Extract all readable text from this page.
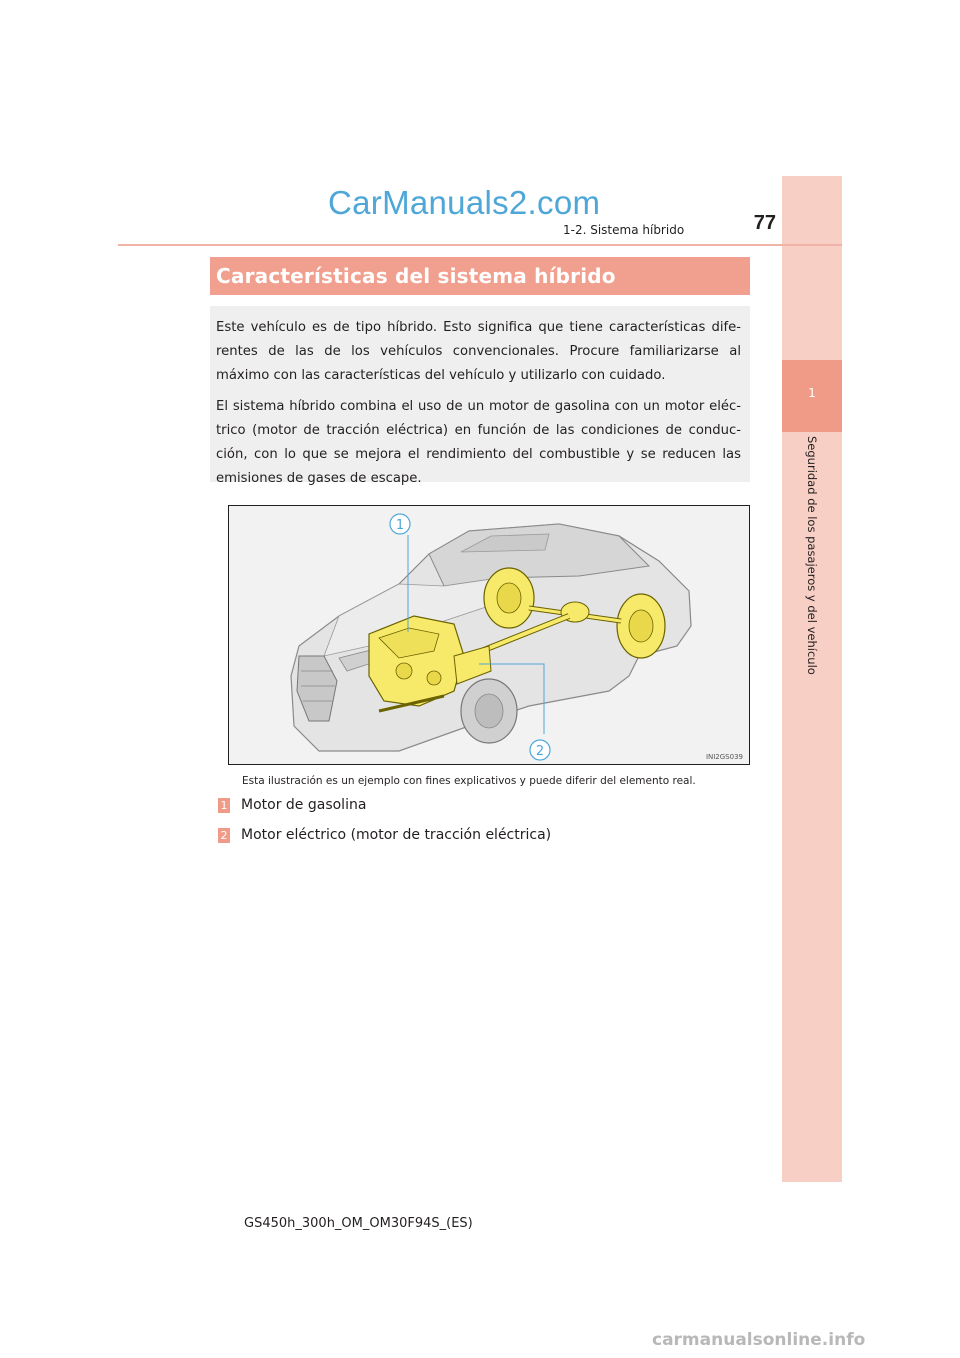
1
Seguridad de los pasajeros y del vehículo
CarManuals2.com
1-2. Sistema híbrido	77
Características del sistema híbrido

Este vehículo es de tipo híbrido. Esto significa que tiene características dife-rentes de las de los vehículos convencionales. Procure familiarizarse al máximo con las características del vehículo y utilizarlo con cuidado.

El sistema híbrido combina el uso de un motor de gasolina con un motor eléc-trico (motor de tracción eléctrica) en función de las condiciones de conduc-ción, con lo que se mejora el rendimiento del combustible y se reducen las emisiones de gases de escape.

1
2	INI2GS039
Esta ilustración es un ejemplo con fines explicativos y puede diferir del elemento real.
1 Motor de gasolina
2 Motor eléctrico (motor de tracción eléctrica)
GS450h_300h_OM_OM30F94S_(ES)
carmanualsonline.info
